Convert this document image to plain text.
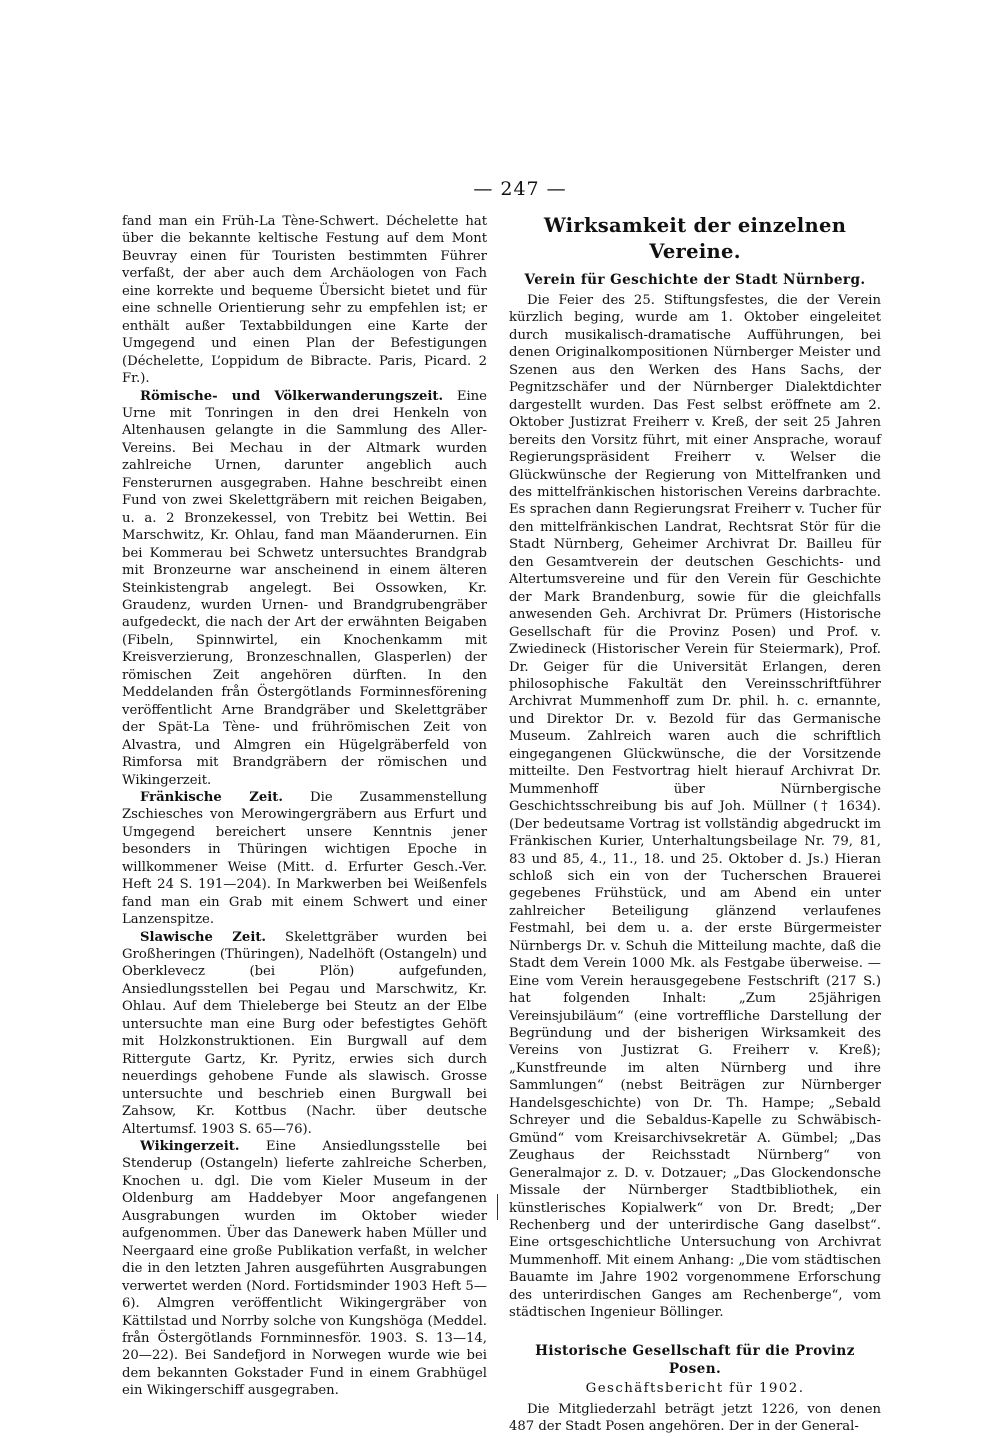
— 247 —

fand man ein Früh-La Tène-Schwert. Déchelette hat über die bekannte keltische Festung auf dem Mont Beuvray einen für Touristen bestimmten Führer verfaßt, der aber auch dem Archäologen von Fach eine korrekte und bequeme Übersicht bietet und für eine schnelle Orientierung sehr zu empfehlen ist; er enthält außer Textabbildungen eine Karte der Umgegend und einen Plan der Befestigungen (Déchelette, L’oppidum de Bibracte. Paris, Picard. 2 Fr.).

Römische- und Völkerwanderungszeit. Eine Urne mit Tonringen in den drei Henkeln von Altenhausen gelangte in die Sammlung des Aller-Vereins. Bei Mechau in der Altmark wurden zahlreiche Urnen, darunter angeblich auch Fensterurnen ausgegraben. Hahne beschreibt einen Fund von zwei Skelettgräbern mit reichen Beigaben, u. a. 2 Bronzekessel, von Trebitz bei Wettin. Bei Marschwitz, Kr. Ohlau, fand man Mäanderurnen. Ein bei Kommerau bei Schwetz untersuchtes Brandgrab mit Bronzeurne war anscheinend in einem älteren Steinkistengrab angelegt. Bei Ossowken, Kr. Graudenz, wurden Urnen- und Brandgrubengräber aufgedeckt, die nach der Art der erwähnten Beigaben (Fibeln, Spinnwirtel, ein Knochenkamm mit Kreisverzierung, Bronzeschnallen, Glasperlen) der römischen Zeit angehören dürften. In den Meddelanden från Östergötlands Forminnesförening veröffentlicht Arne Brandgräber und Skelettgräber der Spät-La Tène- und frührömischen Zeit von Alvastra, und Almgren ein Hügelgräberfeld von Rimforsa mit Brandgräbern der römischen und Wikingerzeit.

Fränkische Zeit. Die Zusammenstellung Zschiesches von Merowingergräbern aus Erfurt und Umgegend bereichert unsere Kenntnis jener besonders in Thüringen wichtigen Epoche in willkommener Weise (Mitt. d. Erfurter Gesch.-Ver. Heft 24 S. 191—204). In Markwerben bei Weißenfels fand man ein Grab mit einem Schwert und einer Lanzenspitze.

Slawische Zeit. Skelettgräber wurden bei Großheringen (Thüringen), Nadelhöft (Ostangeln) und Oberklevecz (bei Plön) aufgefunden, Ansiedlungsstellen bei Pegau und Marschwitz, Kr. Ohlau. Auf dem Thieleberge bei Steutz an der Elbe untersuchte man eine Burg oder befestigtes Gehöft mit Holzkonstruktionen. Ein Burgwall auf dem Rittergute Gartz, Kr. Pyritz, erwies sich durch neuerdings gehobene Funde als slawisch. Grosse untersuchte und beschrieb einen Burgwall bei Zahsow, Kr. Kottbus (Nachr. über deutsche Altertumsf. 1903 S. 65—76).

Wikingerzeit. Eine Ansiedlungsstelle bei Stenderup (Ostangeln) lieferte zahlreiche Scherben, Knochen u. dgl. Die vom Kieler Museum in der Oldenburg am Haddebyer Moor angefangenen Ausgrabungen wurden im Oktober wieder aufgenommen. Über das Danewerk haben Müller und Neergaard eine große Publikation verfaßt, in welcher die in den letzten Jahren ausgeführten Ausgrabungen verwertet werden (Nord. Fortidsminder 1903 Heft 5—6). Almgren veröffentlicht Wikingergräber von Kättilstad und Norrby solche von Kungshöga (Meddel. från Östergötlands Fornminnesför. 1903. S. 13—14, 20—22). Bei Sandefjord in Norwegen wurde wie bei dem bekannten Gokstader Fund in einem Grabhügel ein Wikingerschiff ausgegraben.

Wirksamkeit der einzelnen Vereine.
Verein für Geschichte der Stadt Nürnberg.

Die Feier des 25. Stiftungsfestes, die der Verein kürzlich beging, wurde am 1. Oktober eingeleitet durch musikalisch-dramatische Aufführungen, bei denen Originalkompositionen Nürnberger Meister und Szenen aus den Werken des Hans Sachs, der Pegnitzschäfer und der Nürnberger Dialektdichter dargestellt wurden. Das Fest selbst eröffnete am 2. Oktober Justizrat Freiherr v. Kreß, der seit 25 Jahren bereits den Vorsitz führt, mit einer Ansprache, worauf Regierungspräsident Freiherr v. Welser die Glückwünsche der Regierung von Mittelfranken und des mittelfränkischen historischen Vereins darbrachte. Es sprachen dann Regierungsrat Freiherr v. Tucher für den mittelfränkischen Landrat, Rechtsrat Stör für die Stadt Nürnberg, Geheimer Archivrat Dr. Bailleu für den Gesamtverein der deutschen Geschichts- und Altertumsvereine und für den Verein für Geschichte der Mark Brandenburg, sowie für die gleichfalls anwesenden Geh. Archivrat Dr. Prümers (Historische Gesellschaft für die Provinz Posen) und Prof. v. Zwiedineck (Historischer Verein für Steiermark), Prof. Dr. Geiger für die Universität Erlangen, deren philosophische Fakultät den Vereinsschriftführer Archivrat Mummenhoff zum Dr. phil. h. c. ernannte, und Direktor Dr. v. Bezold für das Germanische Museum. Zahlreich waren auch die schriftlich eingegangenen Glückwünsche, die der Vorsitzende mitteilte. Den Festvortrag hielt hierauf Archivrat Dr. Mummenhoff über Nürnbergische Geschichtsschreibung bis auf Joh. Müllner († 1634). (Der bedeutsame Vortrag ist vollständig abgedruckt im Fränkischen Kurier, Unterhaltungsbeilage Nr. 79, 81, 83 und 85, 4., 11., 18. und 25. Oktober d. Js.) Hieran schloß sich ein von der Tucherschen Brauerei gegebenes Frühstück, und am Abend ein unter zahlreicher Beteiligung glänzend verlaufenes Festmahl, bei dem u. a. der erste Bürgermeister Nürnbergs Dr. v. Schuh die Mitteilung machte, daß die Stadt dem Verein 1000 Mk. als Festgabe überweise. — Eine vom Verein herausgegebene Festschrift (217 S.) hat folgenden Inhalt: „Zum 25jährigen Vereinsjubiläum“ (eine vortreffliche Darstellung der Begründung und der bisherigen Wirksamkeit des Vereins von Justizrat G. Freiherr v. Kreß); „Kunstfreunde im alten Nürnberg und ihre Sammlungen“ (nebst Beiträgen zur Nürnberger Handelsgeschichte) von Dr. Th. Hampe; „Sebald Schreyer und die Sebaldus-Kapelle zu Schwäbisch-Gmünd“ vom Kreisarchivsekretär A. Gümbel; „Das Zeughaus der Reichsstadt Nürnberg“ von Generalmajor z. D. v. Dotzauer; „Das Glockendonsche Missale der Nürnberger Stadtbibliothek, ein künstlerisches Kopialwerk“ von Dr. Bredt; „Der Rechenberg und der unterirdische Gang daselbst“. Eine ortsgeschichtliche Untersuchung von Archivrat Mummenhoff. Mit einem Anhang: „Die vom städtischen Bauamte im Jahre 1902 vorgenommene Erforschung des unterirdischen Ganges am Rechenberge“, vom städtischen Ingenieur Böllinger.

Historische Gesellschaft für die Provinz Posen.
Geschäftsbericht für 1902.

Die Mitgliederzahl beträgt jetzt 1226, von denen 487 der Stadt Posen angehören. Der in der General-
